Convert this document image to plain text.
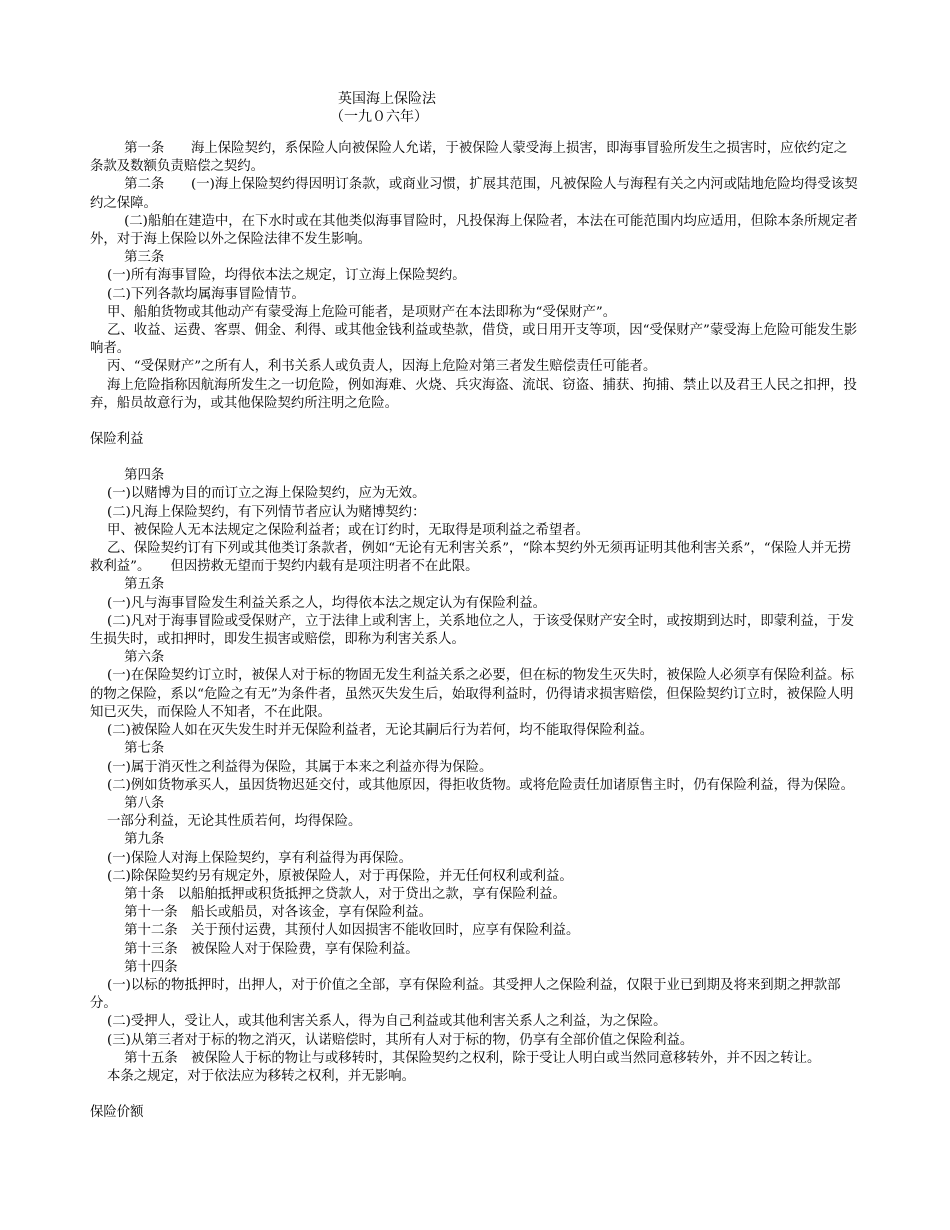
英国海上保险法
（一九０六年）

第一条　　海上保险契约，系保险人向被保险人允诺，于被保险人蒙受海上损害，即海事冒验所发生之损害时，应依约定之条款及数额负责赔偿之契约。

第二条　　(一)海上保险契约得因明订条款，或商业习惯，扩展其范围，凡被保险人与海程有关之内河或陆地危险均得受该契约之保障。

(二)船舶在建造中，在下水时或在其他类似海事冒险时，凡投保海上保险者，本法在可能范围内均应适用，但除本条所规定者外，对于海上保险以外之保险法律不发生影响。

第三条

(一)所有海事冒险，均得依本法之规定，订立海上保险契约。

(二)下列各款均属海事冒险情节。

甲、船舶货物或其他动产有蒙受海上危险可能者，是项财产在本法即称为“受保财产”。

乙、收益、运费、客票、佣金、利得、或其他金钱利益或垫款，借贷，或日用开支等项，因“受保财产”蒙受海上危险可能发生影响者。

丙、“受保财产”之所有人，利书关系人或负责人，因海上危险对第三者发生赔偿责任可能者。

海上危险指称因航海所发生之一切危险，例如海难、火烧、兵灾海盗、流氓、窃盗、捕获、拘捕、禁止以及君王人民之扣押，投弃，船员故意行为，或其他保险契约所注明之危险。

保险利益

第四条

(一)以赌博为目的而订立之海上保险契约，应为无效。

(二)凡海上保险契约，有下列情节者应认为赌博契约：

甲、被保险人无本法规定之保险利益者；或在订约时，无取得是项利益之希望者。

乙、保险契约订有下列或其他类订条款者，例如“无论有无利害关系”，“除本契约外无须再证明其他利害关系”，“保险人并无捞救利益”。　　但因捞救无望而于契约内载有是项注明者不在此限。

第五条

(一)凡与海事冒险发生利益关系之人，均得依本法之规定认为有保险利益。

(二)凡对于海事冒险或受保财产，立于法律上或利害上，关系地位之人，于该受保财产安全时，或按期到达时，即蒙利益，于发生损失时，或扣押时，即发生损害或赔偿，即称为利害关系人。

第六条

(一)在保险契约订立时，被保人对于标的物固无发生利益关系之必要，但在标的物发生灭失时，被保险人必须享有保险利益。标的物之保险，系以“危险之有无”为条件者，虽然灭失发生后，始取得利益时，仍得请求损害赔偿，但保险契约订立时，被保险人明知已灭失，而保险人不知者，不在此限。

(二)被保险人如在灭失发生时并无保险利益者，无论其嗣后行为若何，均不能取得保险利益。

第七条

(一)属于消灭性之利益得为保险，其属于本来之利益亦得为保险。

(二)例如货物承买人，虽因货物迟延交付，或其他原因，得拒收货物。或将危险责任加诸原售主时，仍有保险利益，得为保险。

第八条

一部分利益，无论其性质若何，均得保险。

第九条

(一)保险人对海上保险契约，享有利益得为再保险。

(二)除保险契约另有规定外，原被保险人，对于再保险，并无任何权利或利益。

第十条　以船舶抵押或积货抵押之贷款人，对于贷出之款，享有保险利益。

第十一条　船长或船员，对各该金，享有保险利益。

第十二条　关于预付运费，其预付人如因损害不能收回时，应享有保险利益。

第十三条　被保险人对于保险费，享有保险利益。

第十四条

(一)以标的物抵押时，出押人，对于价值之全部，享有保险利益。其受押人之保险利益，仅限于业已到期及将来到期之押款部分。

(二)受押人，受让人，或其他利害关系人，得为自己利益或其他利害关系人之利益，为之保险。

(三)从第三者对于标的物之消灭，认诺赔偿时，其所有人对于标的物，仍享有全部价值之保险利益。

第十五条　被保险人于标的物让与或移转时，其保险契约之权利，除于受让人明白或当然同意移转外，并不因之转让。

本条之规定，对于依法应为移转之权利，并无影响。

保险价额
